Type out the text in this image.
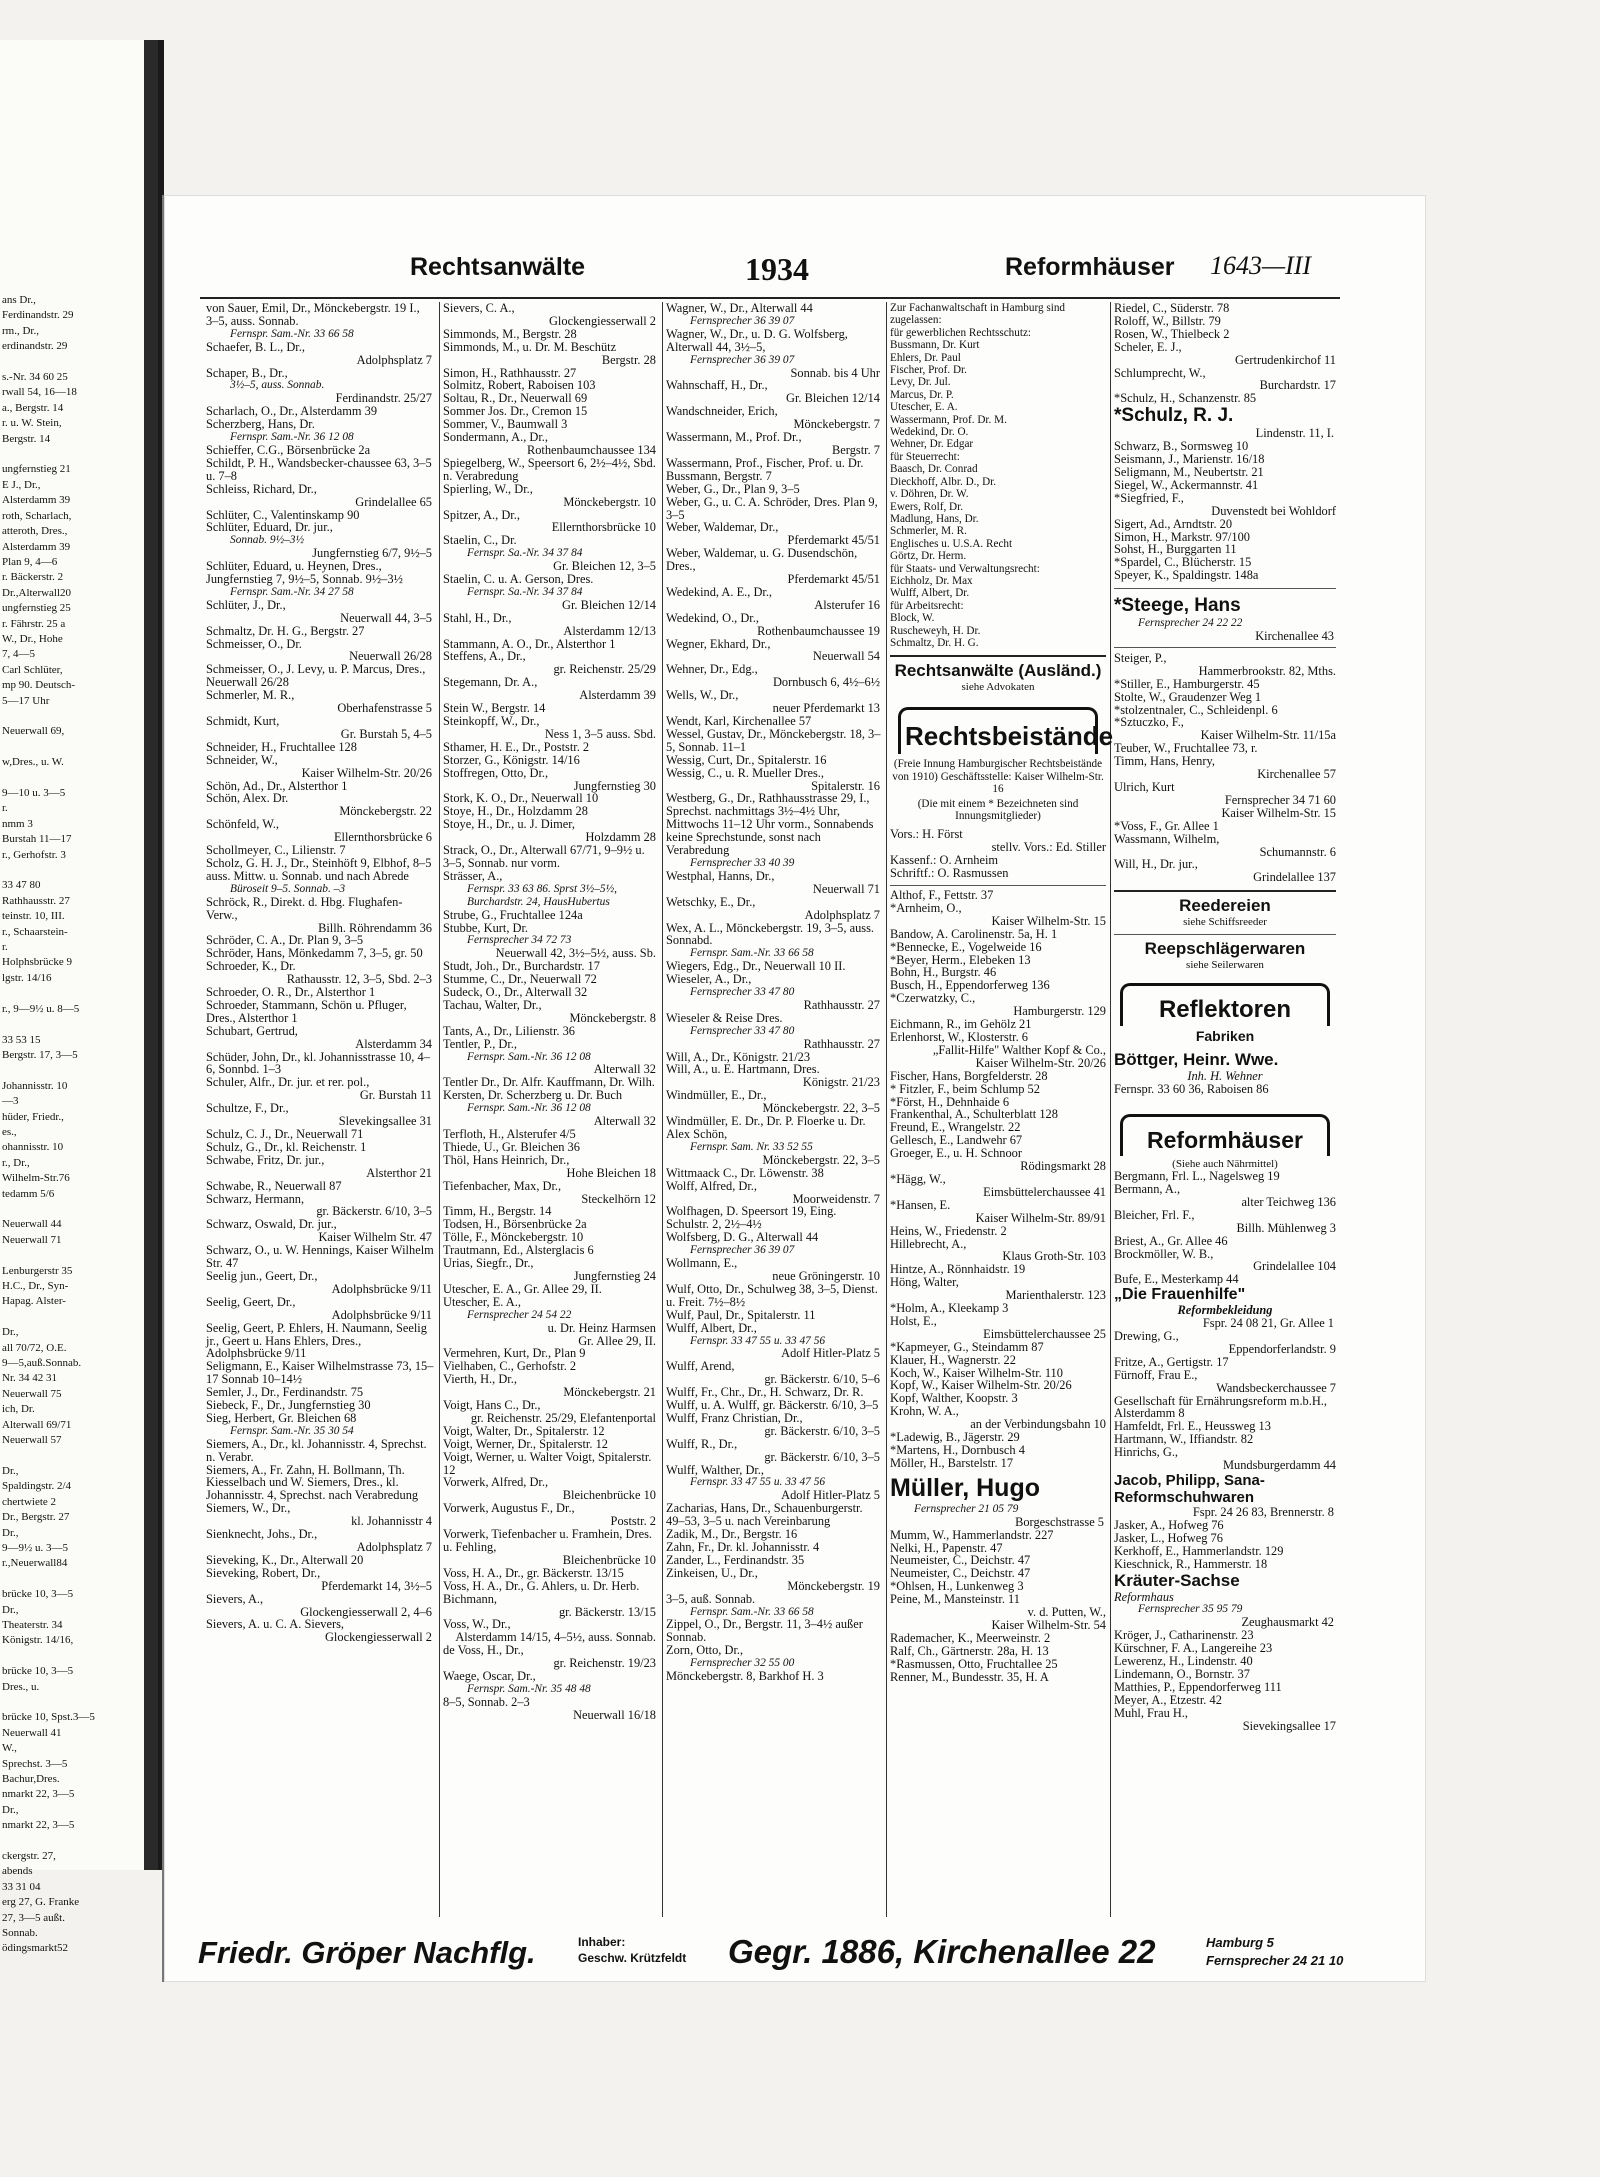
ans Dr.,
Ferdinandstr. 29
rm., Dr.,
erdinandstr. 29

s.-Nr. 34 60 25
rwall 54, 16—18
a., Bergstr. 14
r. u. W. Stein,
Bergstr. 14

ungfernstieg 21
E J., Dr.,
Alsterdamm 39
roth, Scharlach,
atteroth, Dres.,
Alsterdamm 39
Plan 9, 4—6
r. Bäckerstr. 2
Dr.,Alterwall20
ungfernstieg 25
r. Fährstr. 25 a
W., Dr., Hohe
7, 4—5
Carl Schlüter,
mp 90. Deutsch-
5—17 Uhr

Neuerwall 69,

w,Dres., u. W.

9—10 u. 3—5
r.
nmm 3
Burstah 11—17
r., Gerhofstr. 3

33 47 80
Rathhausstr. 27
teinstr. 10, III.
r., Schaarstein-
r.
Holphsbrücke 9
lgstr. 14/16

r., 9—9½ u. 8—5

33 53 15
Bergstr. 17, 3—5

Johannisstr. 10
—3
hüder, Friedr.,
es.,
ohannisstr. 10
r., Dr.,
Wilhelm-Str.76
tedamm 5/6

Neuerwall 44
Neuerwall 71

Lenburgerstr 35
H.C., Dr., Syn-
Hapag. Alster-

Dr.,
all 70/72, O.E.
9—5,auß.Sonnab.
Nr. 34 42 31
Neuerwall 75
ich, Dr.
Alterwall 69/71
Neuerwall 57

Dr.,
Spaldingstr. 2/4
chertwiete 2
Dr., Bergstr. 27
Dr.,
9—9½ u. 3—5
r.,Neuerwall84

brücke 10, 3—5
Dr.,
Theaterstr. 34
Königstr. 14/16,

brücke 10, 3—5
Dres., u.

brücke 10, Spst.3—5
Neuerwall 41
W.,
Sprechst. 3—5
Bachur,Dres.
nmarkt 22, 3—5
Dr.,
nmarkt 22, 3—5

ckergstr. 27,
abends
33 31 04
erg 27, G. Franke
27, 3—5 außt.
Sonnab.
ödingsmarkt52
Rechtsanwälte	1934	Reformhäuser 1643—III
von Sauer, Emil, Dr., Mönckebergstr. 19 I., 3–5, auss. Sonnab.
Fernspr. Sam.-Nr. 33 66 58
Schaefer, B. L., Dr.,
Adolphsplatz 7
Schaper, B., Dr.,
3½–5, auss. Sonnab.
Ferdinandstr. 25/27
Scharlach, O., Dr., Alsterdamm 39
Scherzberg, Hans, Dr.
Fernspr. Sam.-Nr. 36 12 08
Schieffer, C.G., Börsenbrücke 2a
Schildt, P. H., Wandsbecker-chaussee 63, 3–5 u. 7–8
Schleiss, Richard, Dr.,
Grindelallee 65
Schlüter, C., Valentinskamp 90
Schlüter, Eduard, Dr. jur.,
Sonnab. 9½–3½
Jungfernstieg 6/7, 9½–5
Schlüter, Eduard, u. Heynen, Dres., Jungfernstieg 7, 9½–5, Sonnab. 9½–3½
Fernspr. Sam.-Nr. 34 27 58
Schlüter, J., Dr.,
Neuerwall 44, 3–5
Schmaltz, Dr. H. G., Bergstr. 27
Schmeisser, O., Dr.
Neuerwall 26/28
Schmeisser, O., J. Levy, u. P. Marcus, Dres., Neuerwall 26/28
Schmerler, M. R.,
Oberhafenstrasse 5
Schmidt, Kurt,
Gr. Burstah 5, 4–5
Schneider, H., Fruchtallee 128
Schneider, W.,
Kaiser Wilhelm-Str. 20/26
Schön, Ad., Dr., Alsterthor 1
Schön, Alex. Dr.
Mönckebergstr. 22
Schönfeld, W.,
Ellernthorsbrücke 6
Schollmeyer, C., Lilienstr. 7
Scholz, G. H. J., Dr., Steinhöft 9, Elbhof, 8–5 auss. Mittw. u. Sonnab. und nach Abrede
Büroseit 9–5. Sonnab. –3
Schröck, R., Direkt. d. Hbg. Flughafen-Verw.,
Billh. Röhrendamm 36
Schröder, C. A., Dr. Plan 9, 3–5
Schröder, Hans, Mönkedamm 7, 3–5, gr. 50
Schroeder, K., Dr.
Rathausstr. 12, 3–5, Sbd. 2–3
Schroeder, O. R., Dr., Alsterthor 1
Schroeder, Stammann, Schön u. Pfluger, Dres., Alsterthor 1
Schubart, Gertrud,
Alsterdamm 34
Schüder, John, Dr., kl. Johannisstrasse 10, 4–6, Sonnbd. 1–3
Schuler, Alfr., Dr. jur. et rer. pol.,
Gr. Burstah 11
Schultze, F., Dr.,
Slevekingsallee 31
Schulz, C. J., Dr., Neuerwall 71
Schulz, G., Dr., kl. Reichenstr. 1
Schwabe, Fritz, Dr. jur.,
Alsterthor 21
Schwabe, R., Neuerwall 87
Schwarz, Hermann,
gr. Bäckerstr. 6/10, 3–5
Schwarz, Oswald, Dr. jur.,
Kaiser Wilhelm Str. 47
Schwarz, O., u. W. Hennings, Kaiser Wilhelm Str. 47
Seelig jun., Geert, Dr.,
Adolphsbrücke 9/11
Seelig, Geert, Dr.,
Adolphsbrücke 9/11
Seelig, Geert, P. Ehlers, H. Naumann, Seelig jr., Geert u. Hans Ehlers, Dres., Adolphsbrücke 9/11
Seligmann, E., Kaiser Wilhelmstrasse 73, 15–17 Sonnab 10–14½
Semler, J., Dr., Ferdinandstr. 75
Siebeck, F., Dr., Jungfernstieg 30
Sieg, Herbert, Gr. Bleichen 68
Fernspr. Sam.-Nr. 35 30 54
Siemers, A., Dr., kl. Johannisstr. 4, Sprechst. n. Verabr.
Siemers, A., Fr. Zahn, H. Bollmann, Th. Kiesselbach und W. Siemers, Dres., kl. Johannisstr. 4, Sprechst. nach Verabredung
Siemers, W., Dr.,
kl. Johannisstr 4
Sienknecht, Johs., Dr.,
Adolphsplatz 7
Sieveking, K., Dr., Alterwall 20
Sieveking, Robert, Dr.,
Pferdemarkt 14, 3½–5
Sievers, A.,
Glockengiesserwall 2, 4–6
Sievers, A. u. C. A. Sievers,
Glockengiesserwall 2
Sievers, C. A.,
Glockengiesserwall 2
Simmonds, M., Bergstr. 28
Simmonds, M., u. Dr. M. Beschütz
Bergstr. 28
Simon, H., Rathhausstr. 27
Solmitz, Robert, Raboisen 103
Soltau, R., Dr., Neuerwall 69
Sommer Jos. Dr., Cremon 15
Sommer, V., Baumwall 3
Sondermann, A., Dr.,
Rothenbaumchaussee 134
Spiegelberg, W., Speersort 6, 2½–4½, Sbd. n. Verabredung
Spierling, W., Dr.,
Mönckebergstr. 10
Spitzer, A., Dr.,
Ellernthorsbrücke 10
Staelin, C., Dr.
Fernspr. Sa.-Nr. 34 37 84
Gr. Bleichen 12, 3–5
Staelin, C. u. A. Gerson, Dres.
Fernspr. Sa.-Nr. 34 37 84
Gr. Bleichen 12/14
Stahl, H., Dr.,
Alsterdamm 12/13
Stammann, A. O., Dr., Alsterthor 1
Steffens, A., Dr.,
gr. Reichenstr. 25/29
Stegemann, Dr. A.,
Alsterdamm 39
Stein W., Bergstr. 14
Steinkopff, W., Dr.,
Ness 1, 3–5 auss. Sbd.
Sthamer, H. E., Dr., Poststr. 2
Storzer, G., Königstr. 14/16
Stoffregen, Otto, Dr.,
Jungfernstieg 30
Stork, K. O., Dr., Neuerwall 10
Stoye, H., Dr., Holzdamm 28
Stoye, H., Dr., u. J. Dimer,
Holzdamm 28
Strack, O., Dr., Alterwall 67/71, 9–9½ u. 3–5, Sonnab. nur vorm.
Strässer, A.,
Fernspr. 33 63 86. Sprst 3½–5½, Burchardstr. 24, HausHubertus
Strube, G., Fruchtallee 124a
Stubbe, Kurt, Dr.
Fernsprecher 34 72 73
Neuerwall 42, 3½–5½, auss. Sb.
Studt, Joh., Dr., Burchardstr. 17
Stumme, C., Dr., Neuerwall 72
Sudeck, O., Dr., Alterwall 32
Tachau, Walter, Dr.,
Mönckebergstr. 8
Tants, A., Dr., Lilienstr. 36
Tentler, P., Dr.,
Fernspr. Sam.-Nr. 36 12 08
Alterwall 32
Tentler Dr., Dr. Alfr. Kauffmann, Dr. Wilh. Kersten, Dr. Scherzberg u. Dr. Buch
Fernspr. Sam.-Nr. 36 12 08
Alterwall 32
Terfloth, H., Alsterufer 4/5
Thiede, U., Gr. Bleichen 36
Thöl, Hans Heinrich, Dr.,
Hohe Bleichen 18
Tiefenbacher, Max, Dr.,
Steckelhörn 12
Timm, H., Bergstr. 14
Todsen, H., Börsenbrücke 2a
Tölle, F., Mönckebergstr. 10
Trautmann, Ed., Alsterglacis 6
Urias, Siegfr., Dr.,
Jungfernstieg 24
Utescher, E. A., Gr. Allee 29, II.
Utescher, E. A.,
Fernsprecher 24 54 22
u. Dr. Heinz Harmsen
Gr. Allee 29, II.
Vermehren, Kurt, Dr., Plan 9
Vielhaben, C., Gerhofstr. 2
Vierth, H., Dr.,
Mönckebergstr. 21
Voigt, Hans C., Dr.,
gr. Reichenstr. 25/29, Elefantenportal
Voigt, Walter, Dr., Spitalerstr. 12
Voigt, Werner, Dr., Spitalerstr. 12
Voigt, Werner, u. Walter Voigt, Spitalerstr. 12
Vorwerk, Alfred, Dr.,
Bleichenbrücke 10
Vorwerk, Augustus F., Dr.,
Poststr. 2
Vorwerk, Tiefenbacher u. Framhein, Dres. u. Fehling,
Bleichenbrücke 10
Voss, H. A., Dr., gr. Bäckerstr. 13/15
Voss, H. A., Dr., G. Ahlers, u. Dr. Herb. Bichmann,
gr. Bäckerstr. 13/15
Voss, W., Dr.,
Alsterdamm 14/15, 4–5½, auss. Sonnab.
de Voss, H., Dr.,
gr. Reichenstr. 19/23
Waege, Oscar, Dr.,
Fernspr. Sam.-Nr. 35 48 48
8–5, Sonnab. 2–3
Neuerwall 16/18
Wagner, W., Dr., Alterwall 44
Fernsprecher 36 39 07
Wagner, W., Dr., u. D. G. Wolfsberg, Alterwall 44, 3½–5,
Fernsprecher 36 39 07
Sonnab. bis 4 Uhr
Wahnschaff, H., Dr.,
Gr. Bleichen 12/14
Wandschneider, Erich,
Mönckebergstr. 7
Wassermann, M., Prof. Dr.,
Bergstr. 7
Wassermann, Prof., Fischer, Prof. u. Dr. Bussmann, Bergstr. 7
Weber, G., Dr., Plan 9, 3–5
Weber, G., u. C. A. Schröder, Dres. Plan 9, 3–5
Weber, Waldemar, Dr.,
Pferdemarkt 45/51
Weber, Waldemar, u. G. Dusendschön, Dres.,
Pferdemarkt 45/51
Wedekind, A. E., Dr.,
Alsterufer 16
Wedekind, O., Dr.,
Rothenbaumchaussee 19
Wegner, Ekhard, Dr.,
Neuerwall 54
Wehner, Dr., Edg.,
Dornbusch 6, 4½–6½
Wells, W., Dr.,
neuer Pferdemarkt 13
Wendt, Karl, Kirchenallee 57
Wessel, Gustav, Dr., Mönckebergstr. 18, 3–5, Sonnab. 11–1
Wessig, Curt, Dr., Spitalerstr. 16
Wessig, C., u. R. Mueller Dres.,
Spitalerstr. 16
Westberg, G., Dr., Rathhausstrasse 29, I., Sprechst. nachmittags 3½–4½ Uhr, Mittwochs 11–12 Uhr vorm., Sonnabends keine Sprechstunde, sonst nach Verabredung
Fernsprecher 33 40 39
Westphal, Hanns, Dr.,
Neuerwall 71
Wetschky, E., Dr.,
Adolphsplatz 7
Wex, A. L., Mönckebergstr. 19, 3–5, auss. Sonnabd.
Fernspr. Sam.-Nr. 33 66 58
Wiegers, Edg., Dr., Neuerwall 10 II.
Wieseler, A., Dr.,
Fernsprecher 33 47 80
Rathhausstr. 27
Wieseler & Reise Dres.
Fernsprecher 33 47 80
Rathhausstr. 27
Will, A., Dr., Königstr. 21/23
Will, A., u. E. Hartmann, Dres.
Königstr. 21/23
Windmüller, E., Dr.,
Mönckebergstr. 22, 3–5
Windmüller, E. Dr., Dr. P. Floerke u. Dr. Alex Schön,
Fernspr. Sam. Nr. 33 52 55
Mönckebergstr. 22, 3–5
Wittmaack C., Dr. Löwenstr. 38
Wolff, Alfred, Dr.,
Moorweidenstr. 7
Wolfhagen, D. Speersort 19, Eing. Schulstr. 2, 2½–4½
Wolfsberg, D. G., Alterwall 44
Fernsprecher 36 39 07
Wollmann, E.,
neue Gröningerstr. 10
Wulf, Otto, Dr., Schulweg 38, 3–5, Dienst. u. Freit. 7½–8½
Wulf, Paul, Dr., Spitalerstr. 11
Wulff, Albert, Dr.,
Fernspr. 33 47 55 u. 33 47 56
Adolf Hitler-Platz 5
Wulff, Arend,
gr. Bäckerstr. 6/10, 5–6
Wulff, Fr., Chr., Dr., H. Schwarz, Dr. R. Wulff, u. A. Wulff, gr. Bäckerstr. 6/10, 3–5
Wulff, Franz Christian, Dr.,
gr. Bäckerstr. 6/10, 3–5
Wulff, R., Dr.,
gr. Bäckerstr. 6/10, 3–5
Wulff, Walther, Dr.,
Fernspr. 33 47 55 u. 33 47 56
Adolf Hitler-Platz 5
Zacharias, Hans, Dr., Schauenburgerstr. 49–53, 3–5 u. nach Vereinbarung
Zadik, M., Dr., Bergstr. 16
Zahn, Fr., Dr. kl. Johannisstr. 4
Zander, L., Ferdinandstr. 35
Zinkeisen, U., Dr.,
Mönckebergstr. 19
3–5, auß. Sonnab.
Fernspr. Sam.-Nr. 33 66 58
Zippel, O., Dr., Bergstr. 11, 3–4½ außer Sonnab.
Zorn, Otto, Dr.,
Fernsprecher 32 55 00
Mönckebergstr. 8, Barkhof H. 3
Zur Fachanwaltschaft in Hamburg sind zugelassen:
für gewerblichen Rechtsschutz:
Bussmann, Dr. Kurt
Ehlers, Dr. Paul
Fischer, Prof. Dr.
Levy, Dr. Jul.
Marcus, Dr. P.
Utescher, E. A.
Wassermann, Prof. Dr. M.
Wedekind, Dr. O.
Wehner, Dr. Edgar
für Steuerrecht:
Baasch, Dr. Conrad
Dieckhoff, Albr. D., Dr.
v. Döhren, Dr. W.
Ewers, Rolf, Dr.
Madlung, Hans, Dr.
Schmerler, M. R.
Englisches u. U.S.A. Recht
Görtz, Dr. Herm.
für Staats- und Verwaltungsrecht:
Eichholz, Dr. Max
Wulff, Albert, Dr.
für Arbeitsrecht:
Block, W.
Ruscheweyh, H. Dr.
Schmaltz, Dr. H. G.
Rechtsanwälte (Ausländ.)
siehe Advokaten
Rechtsbeistände
(Freie Innung Hamburgischer Rechtsbeistände von 1910) Geschäftsstelle: Kaiser Wilhelm-Str. 16
(Die mit einem * Bezeichneten sind Innungsmitglieder)
Vors.: H. Först
stellv. Vors.: Ed. Stiller
Kassenf.: O. Arnheim
Schriftf.: O. Rasmussen
Althof, F., Fettstr. 37
*Arnheim, O.,
Kaiser Wilhelm-Str. 15
Bandow, A. Carolinenstr. 5a, H. 1
*Bennecke, E., Vogelweide 16
*Beyer, Herm., Elebeken 13
Bohn, H., Burgstr. 46
Busch, H., Eppendorferweg 136
*Czerwatzky, C.,
Hamburgerstr. 129
Eichmann, R., im Gehölz 21
Erlenhorst, W., Klosterstr. 6
„Fallit-Hilfe" Walther Kopf & Co.,
Kaiser Wilhelm-Str. 20/26
Fischer, Hans, Borgfelderstr. 28
* Fitzler, F., beim Schlump 52
*Först, H., Dehnhaide 6
Frankenthal, A., Schulterblatt 128
Freund, E., Wrangelstr. 22
Gellesch, E., Landwehr 67
Groeger, E., u. H. Schnoor
Rödingsmarkt 28
*Hägg, W.,
Eimsbüttelerchaussee 41
*Hansen, E.
Kaiser Wilhelm-Str. 89/91
Heins, W., Friedenstr. 2
Hillebrecht, A.,
Klaus Groth-Str. 103
Hintze, A., Rönnhaidstr. 19
Höng, Walter,
Marienthalerstr. 123
*Holm, A., Kleekamp 3
Holst, E.,
Eimsbüttelerchaussee 25
*Kapmeyer, G., Steindamm 87
Klauer, H., Wagnerstr. 22
Koch, W., Kaiser Wilhelm-Str. 110
Kopf, W., Kaiser Wilhelm-Str. 20/26
Kopf, Walther, Koopstr. 3
Krohn, W. A.,
an der Verbindungsbahn 10
*Ladewig, B., Jägerstr. 29
*Martens, H., Dornbusch 4
Möller, H., Barstelstr. 17
Müller, Hugo
Fernsprecher 21 05 79
Borgeschstrasse 5
Mumm, W., Hammerlandstr. 227
Nelki, H., Papenstr. 47
Neumeister, C., Deichstr. 47
Neumeister, C., Deichstr. 47
*Ohlsen, H., Lunkenweg 3
Peine, M., Mansteinstr. 11
v. d. Putten, W.,
Kaiser Wilhelm-Str. 54
Rademacher, K., Meerweinstr. 2
Ralf, Ch., Gärtnerstr. 28a, H. 13
*Rasmussen, Otto, Fruchtallee 25
Renner, M., Bundesstr. 35, H. A
Riedel, C., Süderstr. 78
Roloff, W., Billstr. 79
Rosen, W., Thielbeck 2
Scheler, E. J.,
Gertrudenkirchof 11
Schlumprecht, W.,
Burchardstr. 17
*Schulz, H., Schanzenstr. 85
*Schulz, R. J.
Lindenstr. 11, I.
Schwarz, B., Sormsweg 10
Seismann, J., Marienstr. 16/18
Seligmann, M., Neubertstr. 21
Siegel, W., Ackermannstr. 41
*Siegfried, F.,
Duvenstedt bei Wohldorf
Sigert, Ad., Arndtstr. 20
Simon, H., Markstr. 97/100
Sohst, H., Burggarten 11
*Spardel, C., Blücherstr. 15
Speyer, K., Spaldingstr. 148a
*Steege, Hans
Fernsprecher 24 22 22
Kirchenallee 43
Steiger, P.,
Hammerbrookstr. 82, Mths.
*Stiller, E., Hamburgerstr. 45
Stolte, W., Graudenzer Weg 1
*stolzentnaler, C., Schleidenpl. 6
*Sztuczko, F.,
Kaiser Wilhelm-Str. 11/15a
Teuber, W., Fruchtallee 73, r.
Timm, Hans, Henry,
Kirchenallee 57
Ulrich, Kurt
Fernsprecher 34 71 60
Kaiser Wilhelm-Str. 15
*Voss, F., Gr. Allee 1
Wassmann, Wilhelm,
Schumannstr. 6
Will, H., Dr. jur.,
Grindelallee 137
Reedereien
siehe Schiffsreeder
Reepschlägerwaren
siehe Seilerwaren
Reflektoren
Fabriken
Böttger, Heinr. Wwe.
Inh. H. Wehner
Fernspr. 33 60 36, Raboisen 86
Reformhäuser
(Siehe auch Nährmittel)
Bergmann, Frl. L., Nagelsweg 19
Bermann, A.,
alter Teichweg 136
Bleicher, Frl. F.,
Billh. Mühlenweg 3
Briest, A., Gr. Allee 46
Brockmöller, W. B.,
Grindelallee 104
Bufe, E., Mesterkamp 44
„Die Frauenhilfe"
Reformbekleidung
Fspr. 24 08 21, Gr. Allee 1
Drewing, G.,
Eppendorferlandstr. 9
Fritze, A., Gertigstr. 17
Fürnoff, Frau E.,
Wandsbeckerchaussee 7
Gesellschaft für Ernährungsreform m.b.H., Alsterdamm 8
Hamfeldt, Frl. E., Heussweg 13
Hartmann, W., Iffiandstr. 82
Hinrichs, G.,
Mundsburgerdamm 44
Jacob, Philipp, Sana-Reformschuhwaren
Fspr. 24 26 83, Brennerstr. 8
Jasker, A., Hofweg 76
Jasker, L., Hofweg 76
Kerkhoff, E., Hammerlandstr. 129
Kieschnick, R., Hammerstr. 18
Kräuter-Sachse
Reformhaus
Fernsprecher 35 95 79
Zeughausmarkt 42
Kröger, J., Catharinenstr. 23
Kürschner, F. A., Langereihe 23
Lewerenz, H., Lindenstr. 40
Lindemann, O., Bornstr. 37
Matthies, P., Eppendorferweg 111
Meyer, A., Etzestr. 42
Muhl, Frau H.,
Sievekingsallee 17
Friedr. Gröper Nachflg.	Inhaber:
Geschw. Krützfeldt Gegr. 1886, Kirchenallee 22	Hamburg 5
Fernsprecher 24 21 10
